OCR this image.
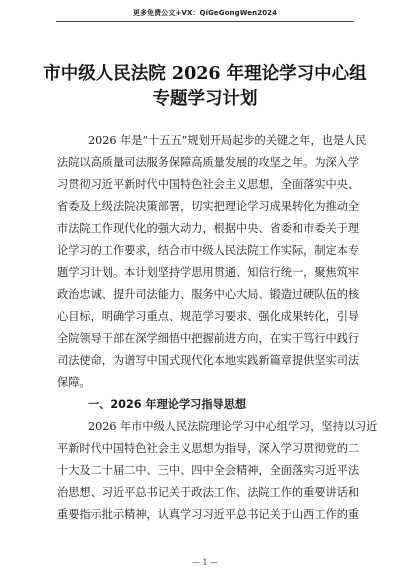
更多免费公文+VX：QiGeGongWen2024
市中级人民法院 2026 年理论学习中心组
专题学习计划
2026 年是“十五五”规划开局起步的关键之年，也是人民
法院以高质量司法服务保障高质量发展的攻坚之年。为深入学
习贯彻习近平新时代中国特色社会主义思想，全面落实中央、
省委及上级法院决策部署，切实把理论学习成果转化为推动全
市法院工作现代化的强大动力，根据中央、省委和市委关于理
论学习的工作要求，结合市中级人民法院工作实际，制定本专
题学习计划。本计划坚持学思用贯通、知信行统一，聚焦筑牢
政治忠诚、提升司法能力、服务中心大局、锻造过硬队伍的核
心目标，明确学习重点、规范学习要求、强化成果转化，引导
全院领导干部在深学细悟中把握前进方向，在实干笃行中践行
司法使命，为谱写中国式现代化本地实践新篇章提供坚实司法
保障。
一、2026 年理论学习指导思想
2026 年市中级人民法院理论学习中心组学习，坚持以习近
平新时代中国特色社会主义思想为指导，深入学习贯彻党的二
十大及二十届二中、三中、四中全会精神，全面落实习近平法
治思想、习近平总书记关于政法工作、法院工作的重要讲话和
重要指示批示精神，认真学习习近平总书记关于山西工作的重
— 1 —
